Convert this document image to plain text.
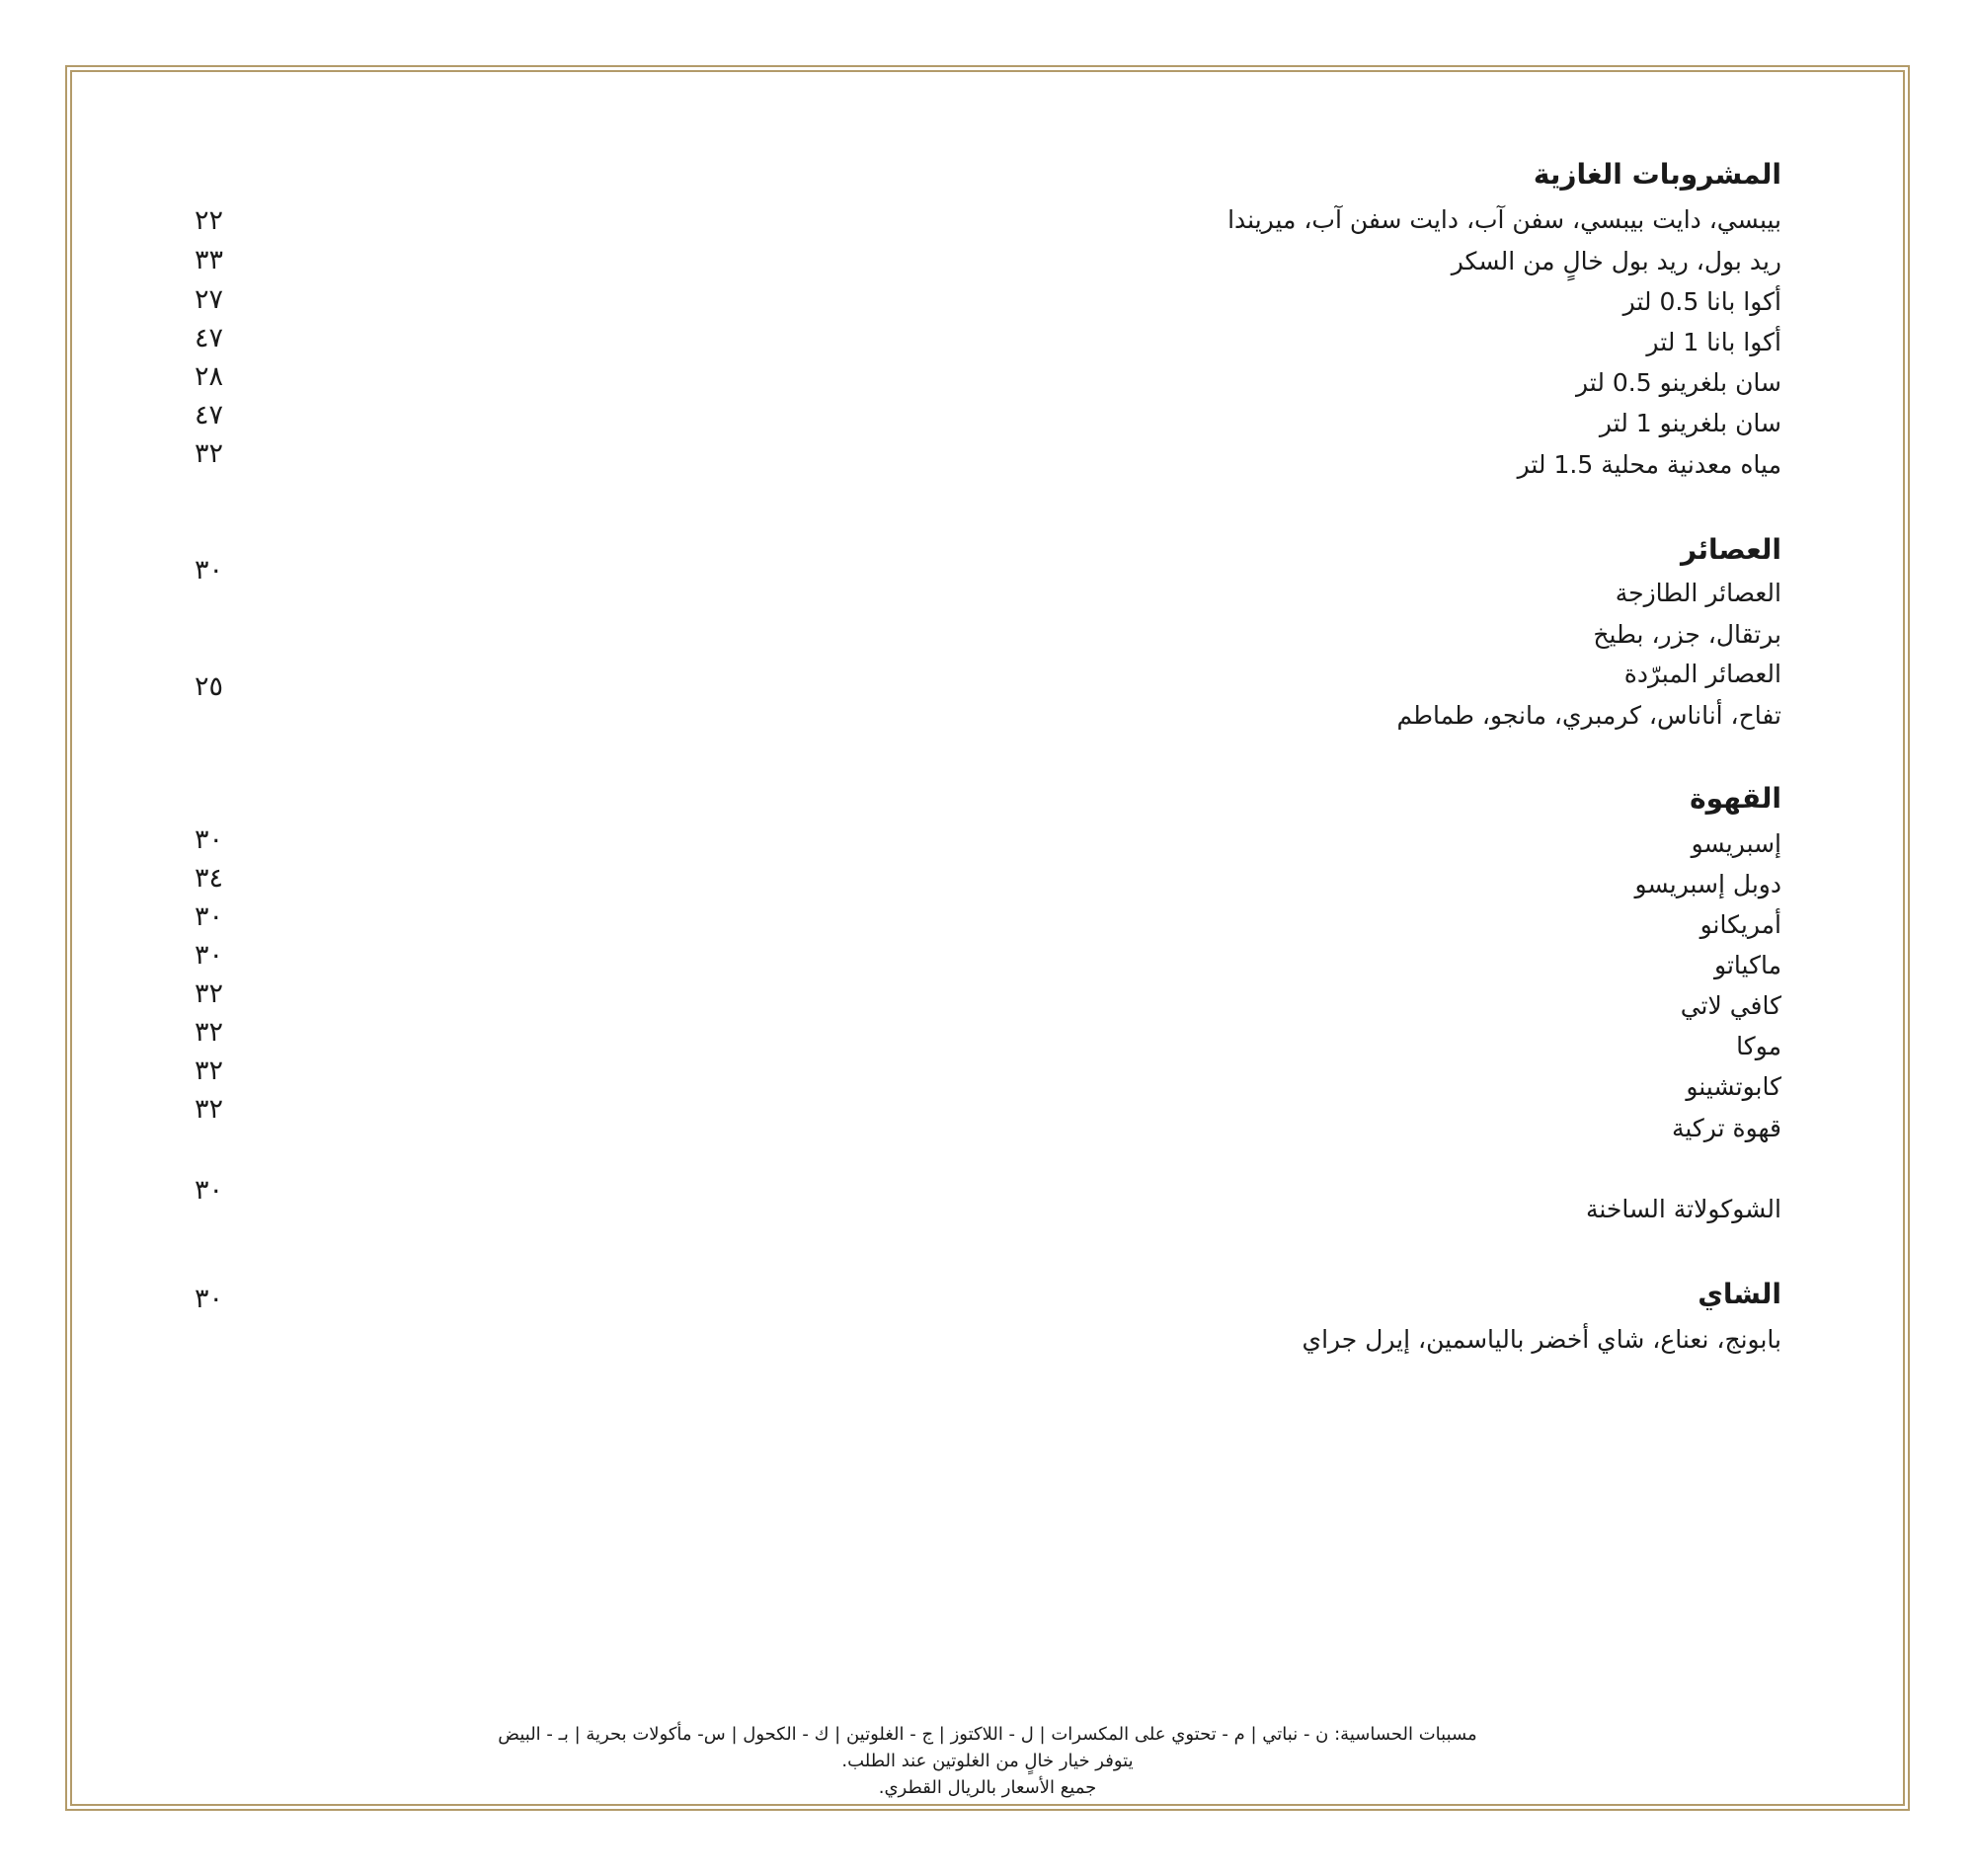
المشروبات الغازية
بيبسي، دايت بيبسي، سفن آب، دايت سفن آب، ميريندا
٢٢
ريد بول، ريد بول خالٍ من السكر
٣٣
أكوا بانا 0.5 لتر
٢٧
أكوا بانا 1 لتر
٤٧
سان بلغرينو 0.5 لتر
٢٨
سان بلغرينو 1 لتر
٤٧
مياه معدنية محلية 1.5 لتر
٣٢
العصائر
٣٠
العصائر الطازجة
برتقال، جزر، بطيخ
العصائر المبرّدة
٢٥
تفاح، أناناس، كرمبري، مانجو، طماطم
القهوة
إسبريسو
٣٠
دوبل إسبريسو
٣٤
أمريكانو
٣٠
ماكياتو
٣٠
كافي لاتي
٣٢
موكا
٣٢
كابوتشينو
٣٢
قهوة تركية
٣٢
٣٠
الشوكولاتة الساخنة
الشاي
٣٠
بابونج، نعناع، شاي أخضر بالياسمين، إيرل جراي
مسببات الحساسية: ن - نباتي | م - تحتوي على المكسرات | ل - اللاكتوز | ج - الغلوتين | ك - الكحول | س- مأكولات بحرية | بـ - البيض
يتوفر خيار خالٍ من الغلوتين عند الطلب.
جميع الأسعار بالريال القطري.
